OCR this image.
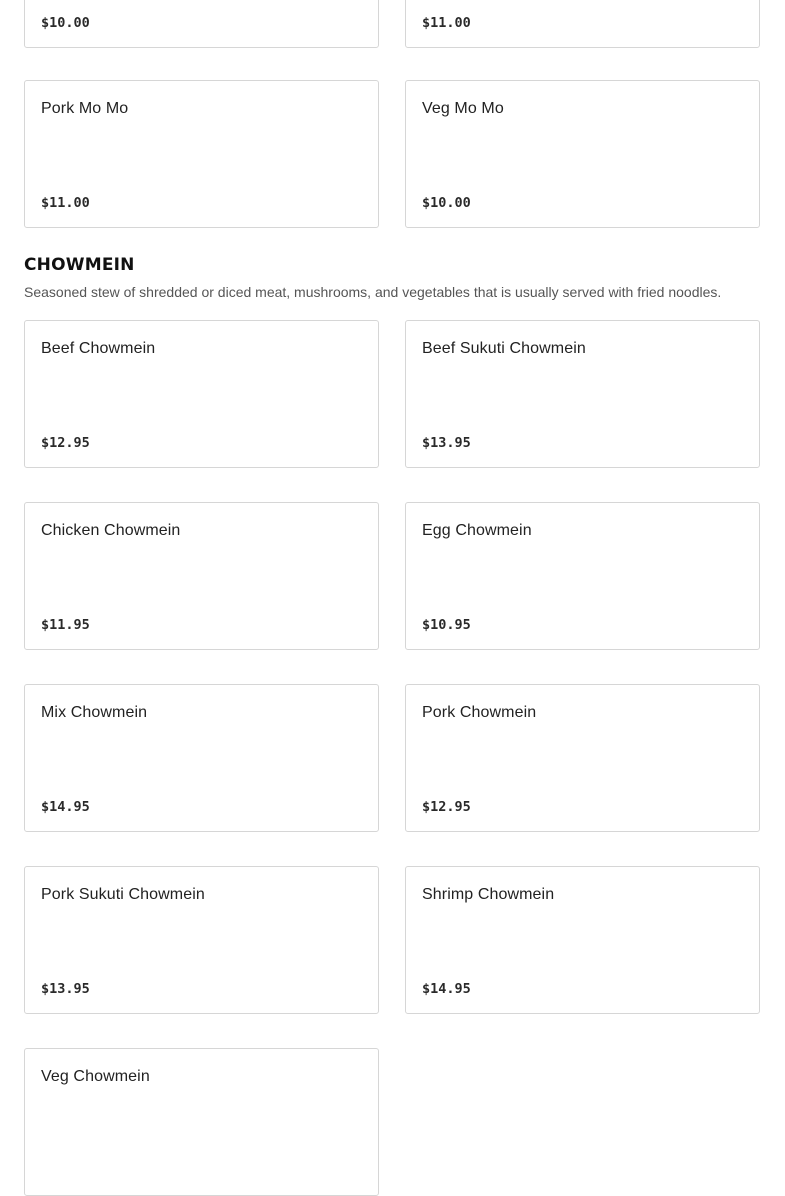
$10.00	$11.00
Pork Mo Mo
$11.00
Veg Mo Mo
$10.00
CHOWMEIN
Seasoned stew of shredded or diced meat, mushrooms, and vegetables that is usually served with fried noodles.
Beef Chowmein
$12.95
Beef Sukuti Chowmein
$13.95
Chicken Chowmein
$11.95
Egg Chowmein
$10.95
Mix Chowmein
$14.95
Pork Chowmein
$12.95
Pork Sukuti Chowmein
$13.95
Shrimp Chowmein
$14.95
Veg Chowmein
